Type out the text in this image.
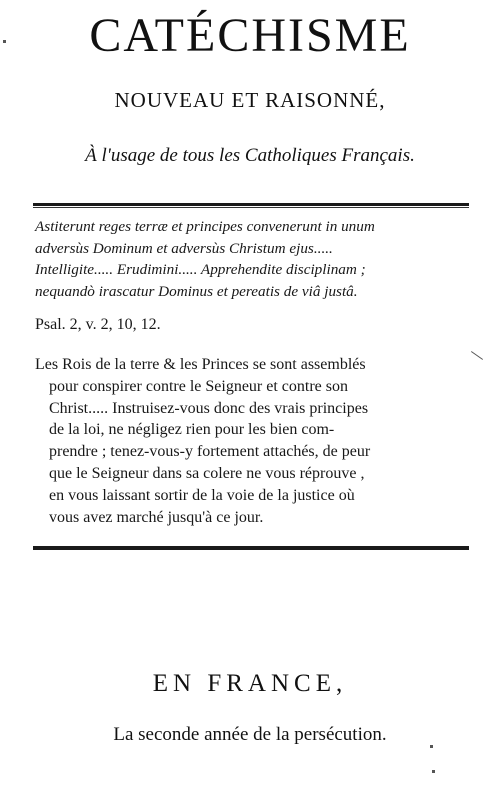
CATÉCHISME
NOUVEAU ET RAISONNÉ,
À l'usage de tous les Catholiques Français.
Astiterunt reges terræ et principes convenerunt in unum
adversùs Dominum et adversùs Christum ejus.....
Intelligite..... Erudimini..... Apprehendite disciplinam ;
nequandò irascatur Dominus et pereatis de viâ justâ.
Psal. 2, v. 2, 10, 12.
Les Rois de la terre & les Princes se sont assemblés
pour conspirer contre le Seigneur et contre son
Christ..... Instruisez-vous donc des vrais principes
de la loi, ne négligez rien pour les bien com-
prendre ; tenez-vous-y fortement attachés, de peur
que le Seigneur dans sa colere ne vous réprouve ,
en vous laissant sortir de la voie de la justice où
vous avez marché jusqu'à ce jour.
EN FRANCE,
La seconde année de la persécution.
